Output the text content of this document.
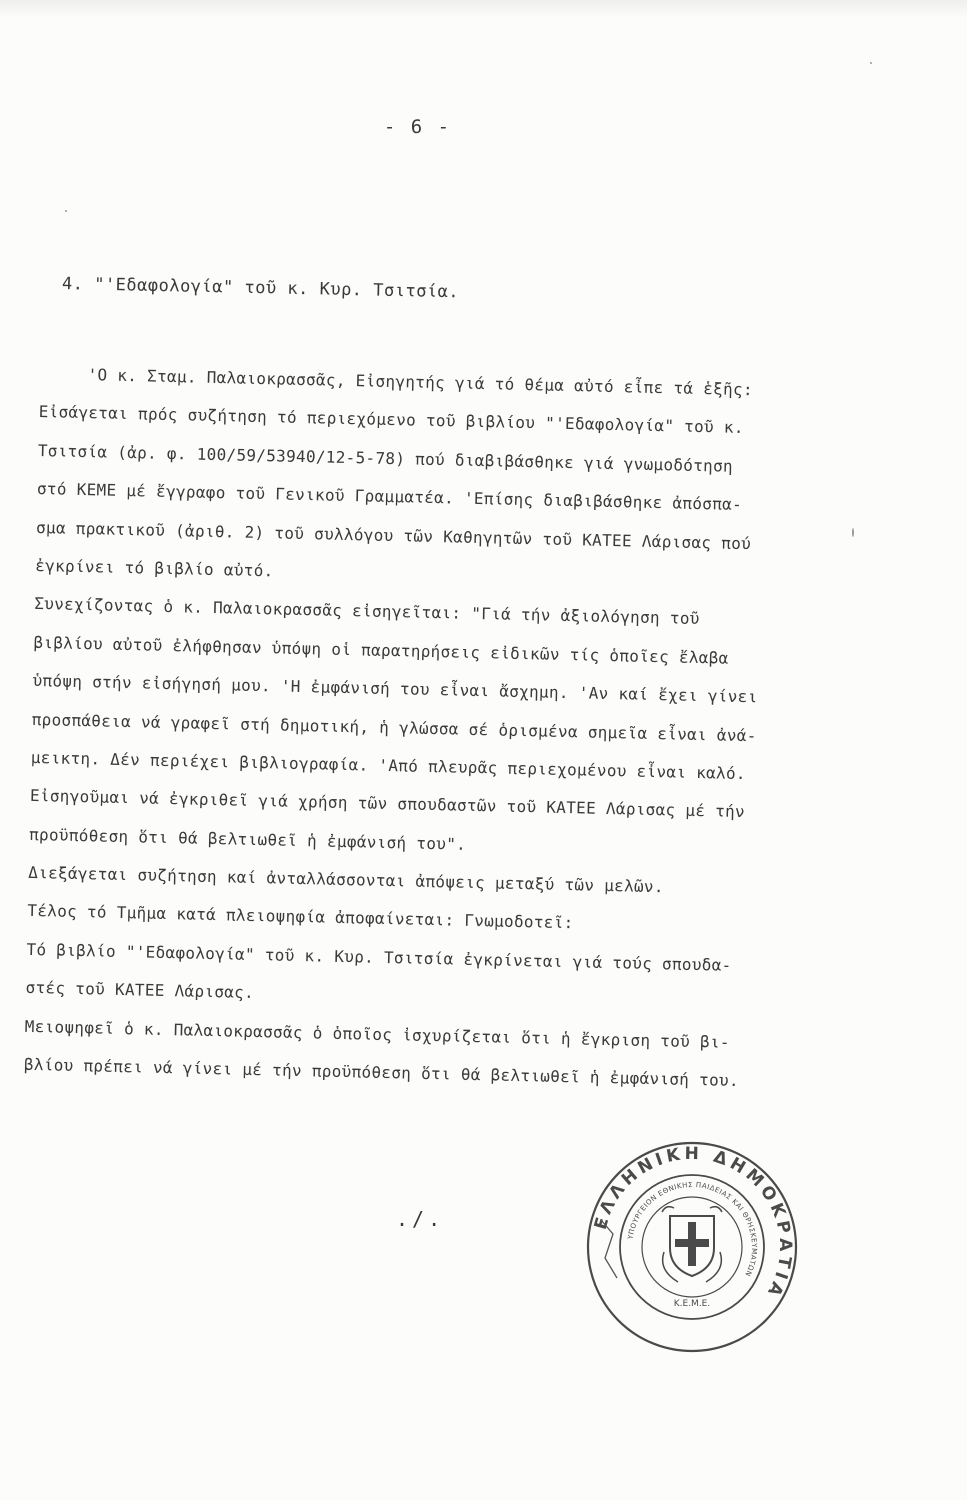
- 6 -
4. "'Εδαφολογία" τοῦ κ. Κυρ. Τσιτσία.
'Ο κ. Σταμ. Παλαιοκρασσᾶς, Εἰσηγητής γιά τό θέμα αὐτό εἶπε τά ἑξῆς:
Εἰσάγεται πρός συζήτηση τό περιεχόμενο τοῦ βιβλίου "'Εδαφολογία" τοῦ κ.
Τσιτσία (ἀρ. φ. 100/59/53940/12-5-78) πού διαβιβάσθηκε γιά γνωμοδότηση
στό ΚΕΜΕ μέ ἔγγραφο τοῦ Γενικοῦ Γραμματέα. 'Επίσης διαβιβάσθηκε ἀπόσπα-
σμα πρακτικοῦ (ἀριθ. 2) τοῦ συλλόγου τῶν Καθηγητῶν τοῦ ΚΑΤΕΕ Λάρισας πού
ἐγκρίνει τό βιβλίο αὐτό.
Συνεχίζοντας ὁ κ. Παλαιοκρασσᾶς εἰσηγεῖται: "Γιά τήν ἀξιολόγηση τοῦ
βιβλίου αὐτοῦ ἐλήφθησαν ὑπόψη οἱ παρατηρήσεις εἰδικῶν τίς ὁποῖες ἔλαβα
ὑπόψη στήν εἰσήγησή μου. 'Η ἐμφάνισή του εἶναι ἄσχημη. 'Αν καί ἔχει γίνει
προσπάθεια νά γραφεῖ στή δημοτική, ἡ γλώσσα σέ ὁρισμένα σημεῖα εἶναι ἀνά-
μεικτη. Δέν περιέχει βιβλιογραφία. 'Από πλευρᾶς περιεχομένου εἶναι καλό.
Εἰσηγοῦμαι νά ἐγκριθεῖ γιά χρήση τῶν σπουδαστῶν τοῦ ΚΑΤΕΕ Λάρισας μέ τήν
προϋπόθεση ὅτι θά βελτιωθεῖ ἡ ἐμφάνισή του".
Διεξάγεται συζήτηση καί ἀνταλλάσσονται ἀπόψεις μεταξύ τῶν μελῶν.
Τέλος τό Τμῆμα κατά πλειοψηφία ἀποφαίνεται: Γνωμοδοτεῖ:
Τό βιβλίο "'Εδαφολογία" τοῦ κ. Κυρ. Τσιτσία ἐγκρίνεται γιά τούς σπουδα-
στές τοῦ ΚΑΤΕΕ Λάρισας.
Μειοψηφεῖ ὁ κ. Παλαιοκρασσᾶς ὁ ὁποῖος ἰσχυρίζεται ὅτι ἡ ἔγκριση τοῦ βι-
βλίου πρέπει νά γίνει μέ τήν προϋπόθεση ὅτι θά βελτιωθεῖ ἡ ἐμφάνισή του.
./.	ΕΛΛΗΝΙΚΗ ΔΗΜΟΚΡΑΤΙΑ
ΥΠΟΥΡΓΕΙΟΝ ΕΘΝΙΚΗΣ ΠΑΙΔΕΙΑΣ ΚΑΙ ΘΡΗΣΚΕΥΜΑΤΩΝ
Κ.Ε.Μ.Ε.
